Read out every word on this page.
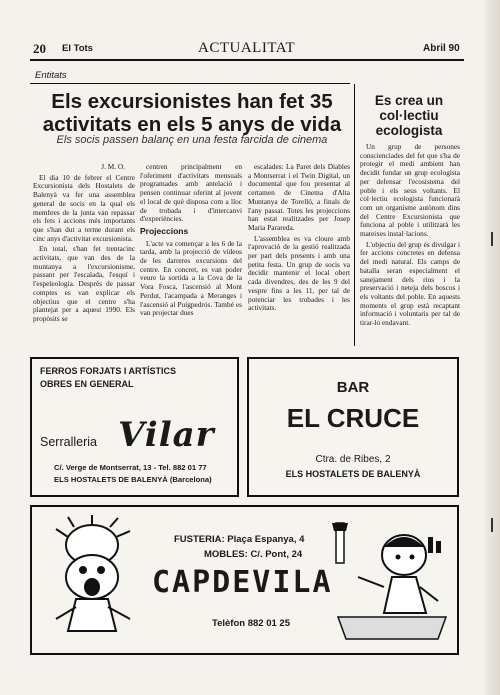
20 El Tots	ACTUALITAT	Abril 90
Entitats
Els excursionistes han fet 35 activitats en els 5 anys de vida
Els socis passen balanç en una festa farcida de cinema

J. M. O.

El dia 10 de febrer el Centre Excursionista dels Hostalets de Balenyà va fer una assemblea general de socis en la qual els membres de la junta van repassar els fets i accions més importants que s'han dut a terme durant els cinc anys d'activitat excursionista.

En total, s'han fet trentacinc activitats, que van des de la muntanya a l'excursionisme, passant per l'escalada, l'esquí i l'espeleologia. Desprès de passar comptes es van explicar els objectius que el centre s'ha plantejat per a aquest 1990. Els propòsits se

centren principalment en l'oferiment d'activitats mensuals programades amb antelació i pensen continuar oferint al jovent el local de què disposa com a lloc de trobada i d'intercanvi d'experiències.

Projeccions

L'acte va començar a les 6 de la tarda, amb la projecció de vídeos de les darreres excursions del centre. En concret, es van poder veure la sortida a la Cova de la Vora Fosca, l'ascensió al Mont Perdut, l'acampada a Meranges i l'ascensió al Puigpedrós. També es van projectar dues

escalades: La Paret dels Diables a Montserrat i el Twin Digital, un documental que fou presentat al certamen de Cinema d'Alta Muntanya de Torelló, a finals de l'any passat. Totes les projeccions han estat realitzades per Josep Maria Parareda.

L'assemblea es va cloure amb l'aprovació de la gestió realitzada per part dels presents i amb una petita festa. Un grup de socis va decidir mantenir el local obert cada divendres, des de les 9 del vespre fins a les 11, per tal de potenciar les trobades i les activitats.

Es crea un col·lectiu ecologista

Un grup de persones conscienciades del fet que s'ha de protegir el medi ambient han decidit fundar un grup ecologista per defensar l'ecosistema del poble i els seus voltants. El col·lectiu ecologista funcionarà com un organisme autònom dins del Centre Excursionista que funciona al poble i utilitzarà les mateixes instal·lacions.

L'objectiu del grup és divulgar i fer accions concretes en defensa del medi natural. Els camps de batalla seran especialment el sanejament dels rius i la preservació i neteja dels boscos i els voltants del poble. En aquests moments el grup està recaptant informació i voluntaris per tal de tirar-lo endavant.

FERROS FORJATS I ARTÍSTICS
OBRES EN GENERAL
Serralleria Vilar
C/. Verge de Montserrat, 13 - Tel. 882 01 77
ELS HOSTALETS DE BALENYÀ (Barcelona)
BAR
EL CRUCE
Ctra. de Ribes, 2
ELS HOSTALETS DE BALENYÀ
FUSTERIA: Plaça Espanya, 4
MOBLES: C/. Pont, 24
CAPDEVILA
Telèfon 882 01 25
